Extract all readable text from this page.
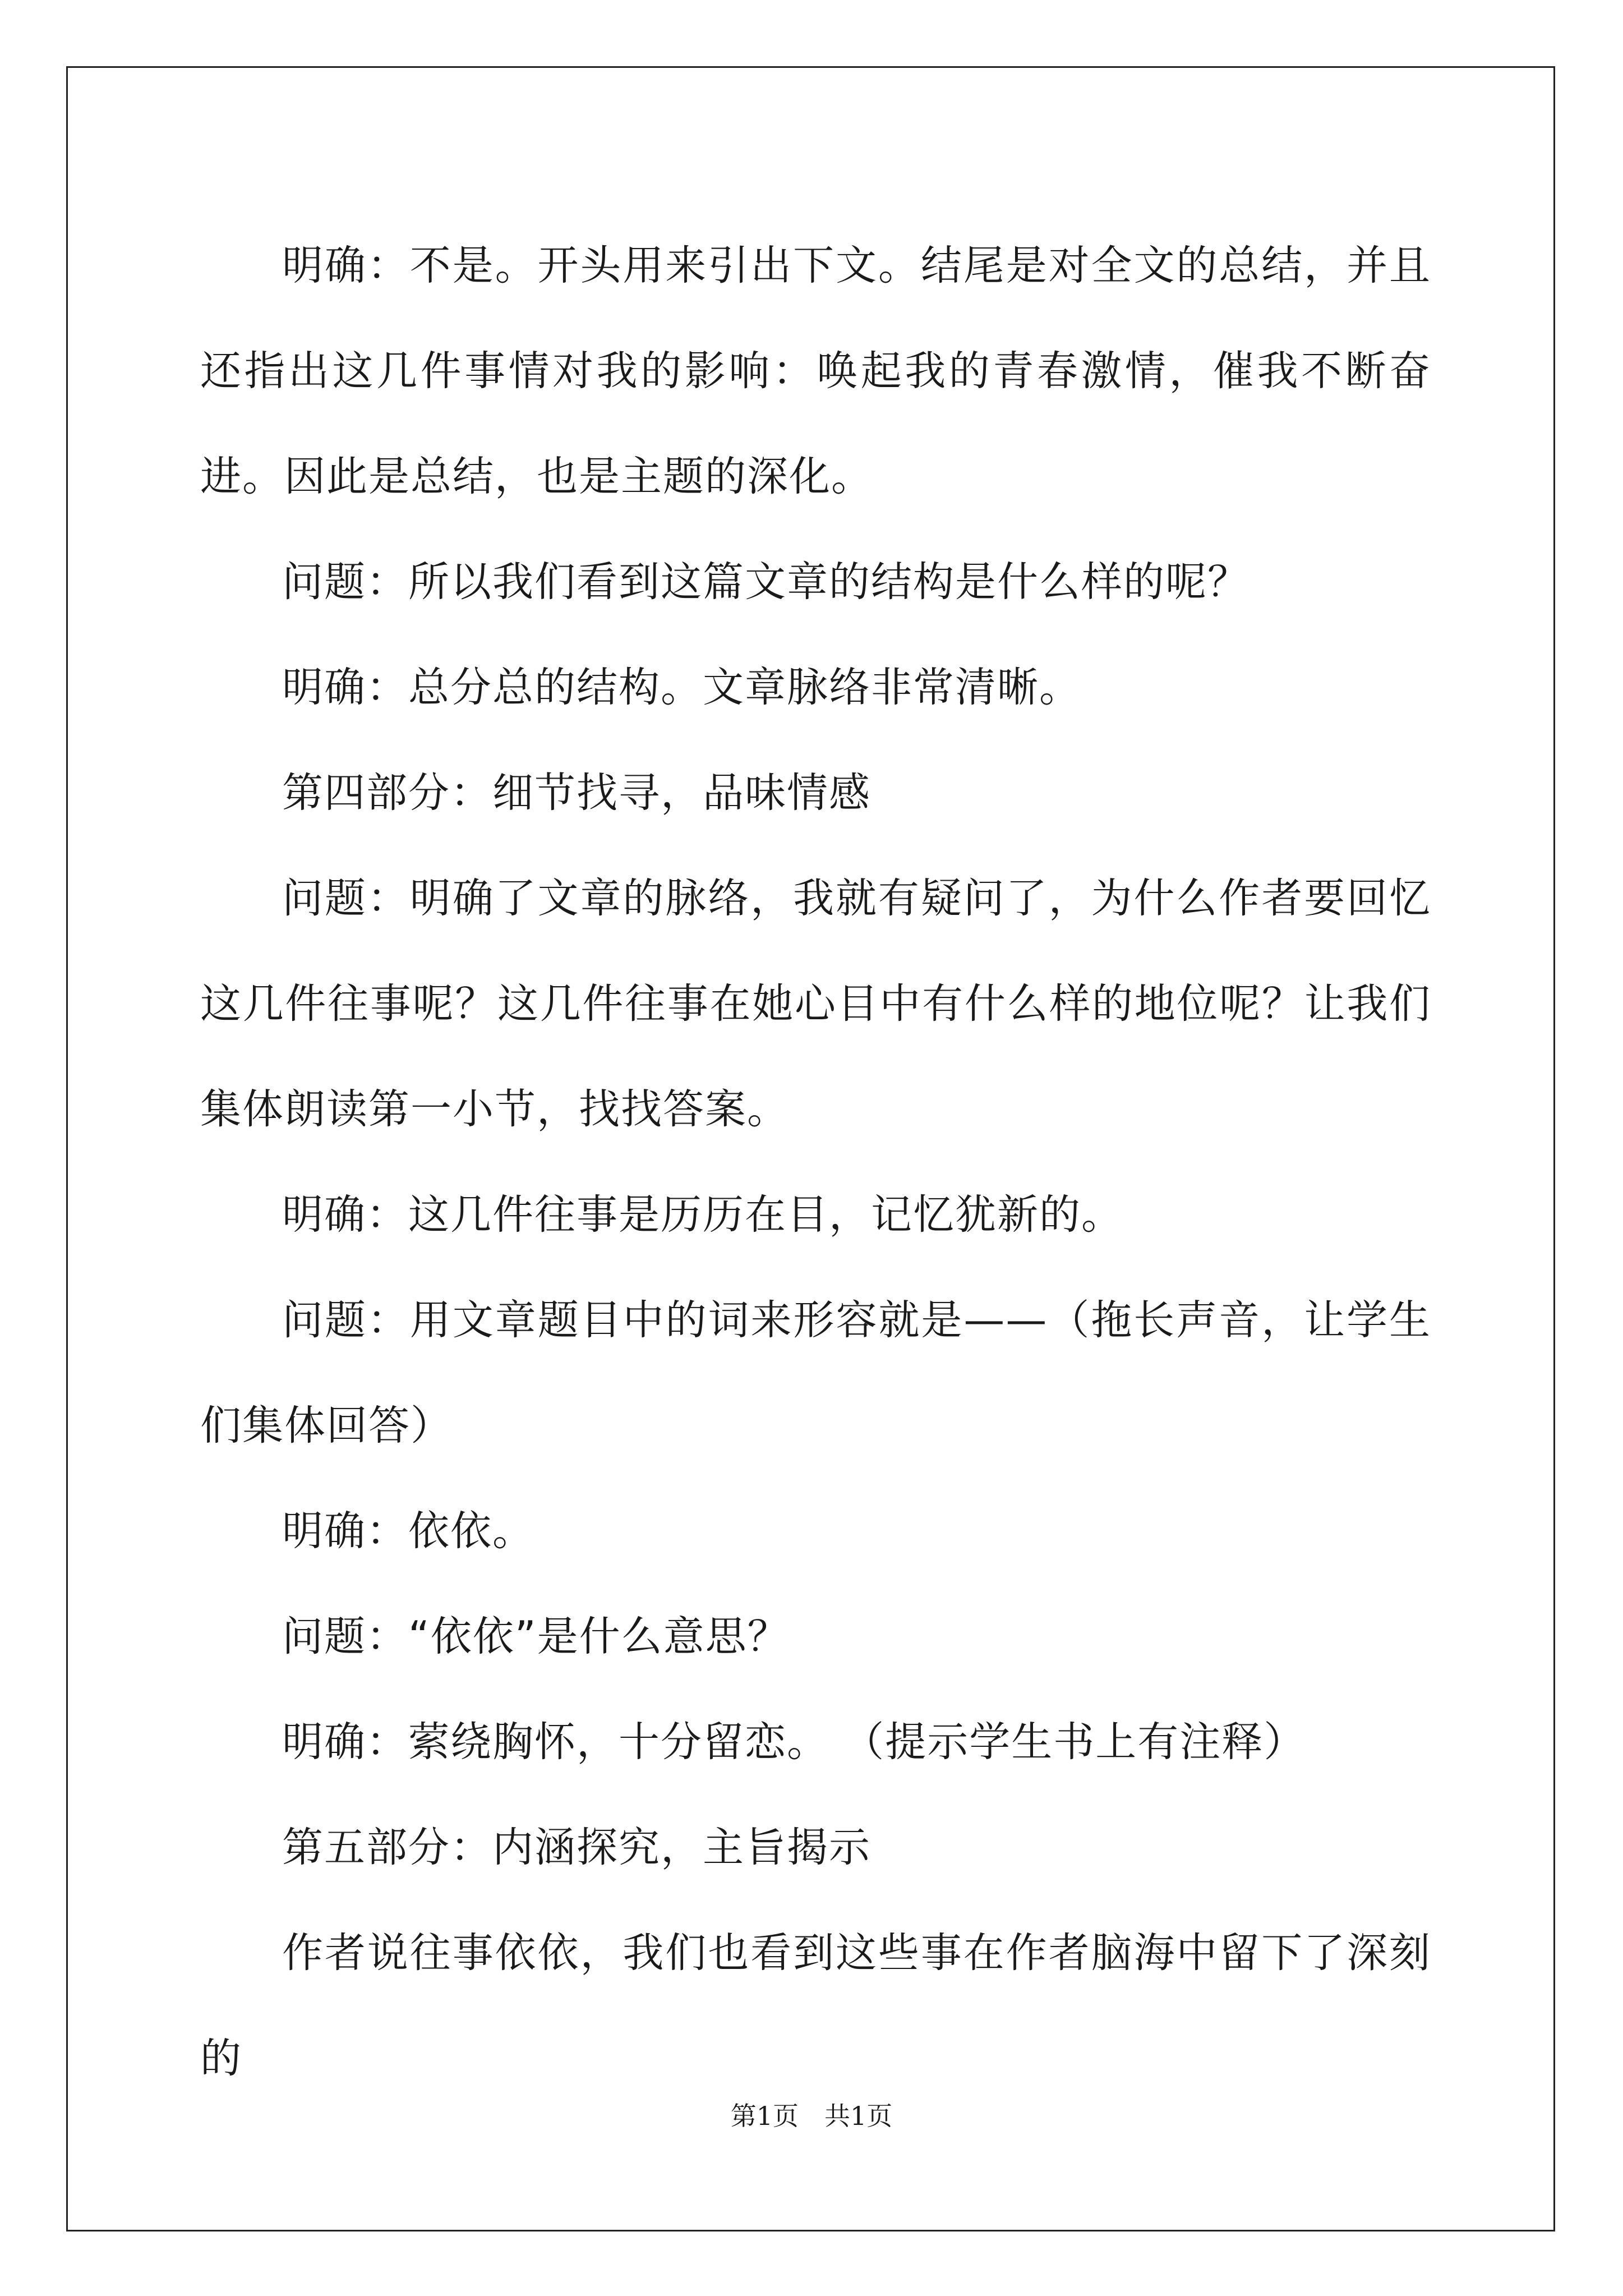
明确：不是。开头用来引出下文。结尾是对全文的总结，并且还指出这几件事情对我的影响：唤起我的青春激情，催我不断奋进。因此是总结，也是主题的深化。

问题：所以我们看到这篇文章的结构是什么样的呢？

明确：总分总的结构。文章脉络非常清晰。

第四部分：细节找寻，品味情感

问题：明确了文章的脉络，我就有疑问了，为什么作者要回忆这几件往事呢？这几件往事在她心目中有什么样的地位呢？让我们集体朗读第一小节，找找答案。

明确：这几件往事是历历在目，记忆犹新的。

问题：用文章题目中的词来形容就是——（拖长声音，让学生们集体回答）

明确：依依。

问题：“依依”是什么意思？

明确：萦绕胸怀，十分留恋。 （提示学生书上有注释）

第五部分：内涵探究，主旨揭示

作者说往事依依，我们也看到这些事在作者脑海中留下了深刻的

第1页 共1页
